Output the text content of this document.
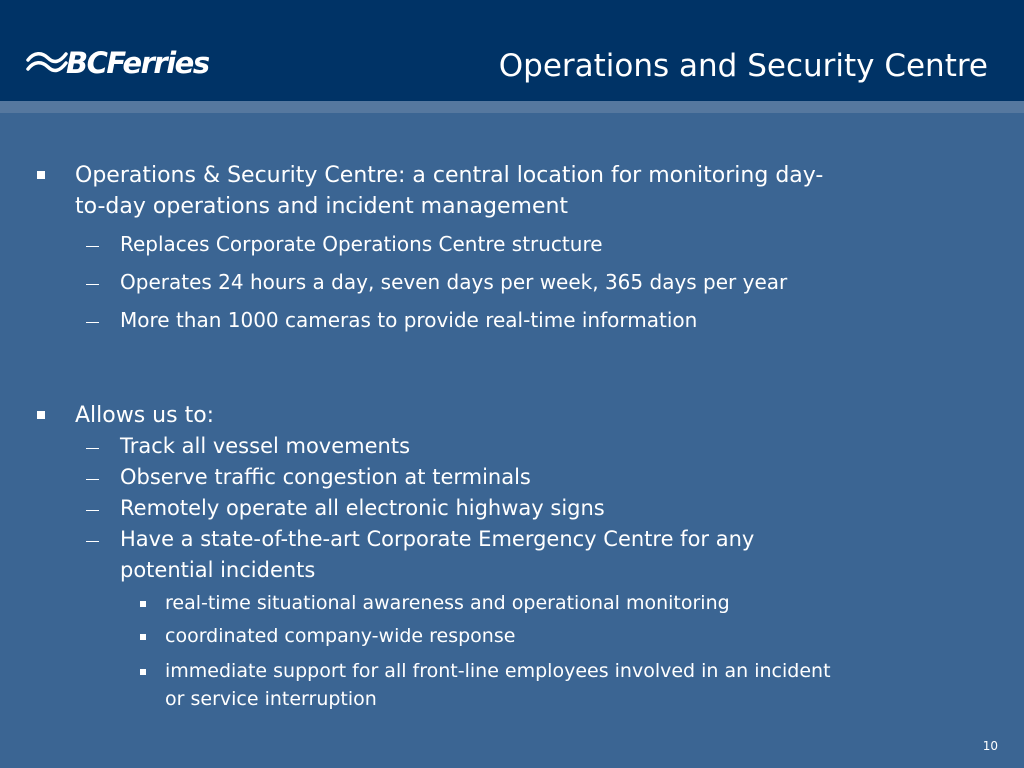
BCFerries	Operations and Security Centre
Operations & Security Centre: a central location for monitoring day-
to-day operations and incident management
Replaces Corporate Operations Centre structure
Operates 24 hours a day, seven days per week, 365 days per year
More than 1000 cameras to provide real-time information
Allows us to:
Track all vessel movements
Observe traffic congestion at terminals
Remotely operate all electronic highway signs
Have a state-of-the-art Corporate Emergency Centre for any
potential incidents
real-time situational awareness and operational monitoring
coordinated company-wide response
immediate support for all front-line employees involved in an incident
or service interruption
10
